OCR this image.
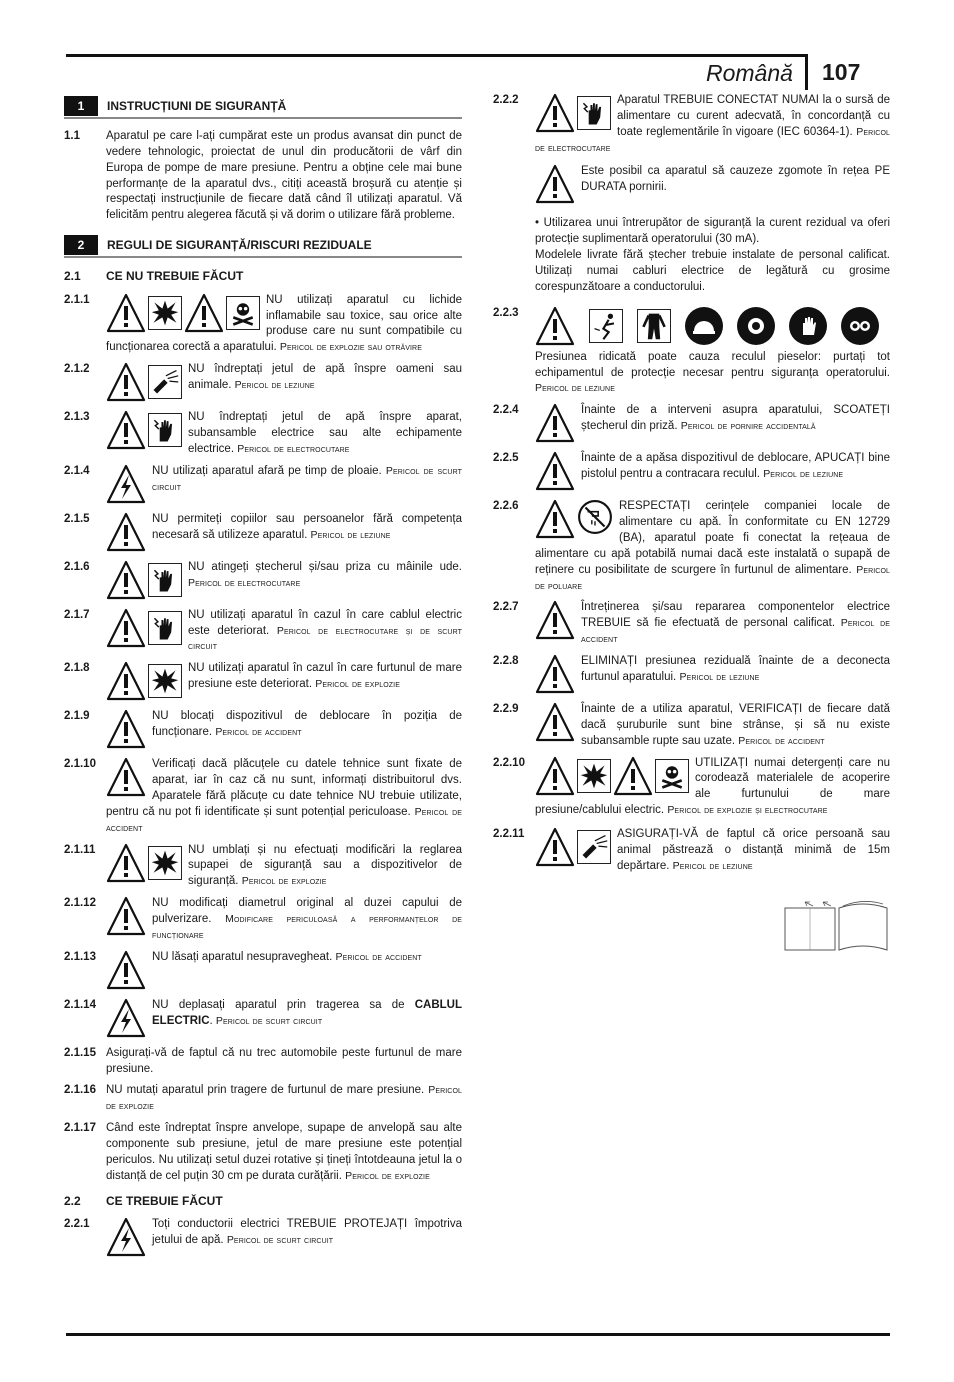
Română 107
1	INSTRUCȚIUNI DE SIGURANȚĂ
1.1	Aparatul pe care l-ați cumpărat este un produs avansat din punct de vedere tehnologic, proiectat de unul din producătorii de vârf din Europa de pompe de mare presiune. Pentru a obține cele mai bune performanțe de la aparatul dvs., citiți această broșură cu atenție și respectați instrucțiunile de fiecare dată când îl utilizați aparatul. Vă felicităm pentru alegerea făcută și vă dorim o utilizare fără probleme.
2	REGULI DE SIGURANȚĂ/RISCURI REZIDUALE
2.1	CE NU TREBUIE FĂCUT
2.1.1	NU utilizați aparatul cu lichide inflamabile sau toxice, sau orice alte produse care nu sunt compatibile cu funcționarea corectă a aparatului. Pericol de explozie sau otrăvire
2.1.2	NU îndreptați jetul de apă înspre oameni sau animale. Pericol de leziune
2.1.3	NU îndreptați jetul de apă înspre aparat, subansamble electrice sau alte echipamente electrice. Pericol de electrocutare
2.1.4	NU utilizați aparatul afară pe timp de ploaie. Pericol de scurt circuit
2.1.5	NU permiteți copiilor sau persoanelor fără competența necesară să utilizeze aparatul. Pericol de leziune
2.1.6	NU atingeți ștecherul și/sau priza cu mâinile ude. Pericol de electrocutare
2.1.7	NU utilizați aparatul în cazul în care cablul electric este deteriorat. Pericol de electrocutare și de scurt circuit
2.1.8	NU utilizați aparatul în cazul în care furtunul de mare presiune este deteriorat. Pericol de explozie
2.1.9	NU blocați dispozitivul de deblocare în poziția de funcționare. Pericol de accident
2.1.10	Verificați dacă plăcuțele cu datele tehnice sunt fixate de aparat, iar în caz că nu sunt, informați distribuitorul dvs. Aparatele fără plăcuțe cu date tehnice NU trebuie utilizate, pentru că nu pot fi identificate și sunt potențial periculoase. Pericol de accident
2.1.11	NU umblați și nu efectuați modificări la reglarea supapei de siguranță sau a dispozitivelor de siguranță. Pericol de explozie
2.1.12	NU modificați diametrul original al duzei capului de pulverizare. Modificare periculoasă a performanțelor de funcționare
2.1.13	NU lăsați aparatul nesupravegheat. Pericol de accident
2.1.14	NU deplasați aparatul prin tragerea sa de CABLUL ELECTRIC. Pericol de scurt circuit
2.1.15 Asigurați-vă de faptul că nu trec automobile peste furtunul de mare presiune.
2.1.16 NU mutați aparatul prin tragere de furtunul de mare presiune. Pericol de explozie
2.1.17 Când este îndreptat înspre anvelope, supape de anvelopă sau alte componente sub presiune, jetul de mare presiune este potențial periculos. Nu utilizați setul duzei rotative și țineți întotdeauna jetul la o distanță de cel puțin 30 cm pe durata curățării. Pericol de explozie
2.2	CE TREBUIE FĂCUT
2.2.1	Toți conductorii electrici TREBUIE PROTEJAȚI împotriva jetului de apă. Pericol de scurt circuit
2.2.2	Aparatul TREBUIE CONECTAT NUMAI la o sursă de alimentare cu curent adecvată, în concordanță cu toate reglementările în vigoare (IEC 60364-1). Pericol de electrocutare
Este posibil ca aparatul să cauzeze zgomote în rețea PE DURATA pornirii.
• Utilizarea unui întrerupător de siguranță la curent rezidual va oferi protecție suplimentară operatorului (30 mA).
Modelele livrate fără ștecher trebuie instalate de personal calificat. Utilizați numai cabluri electrice de legătură cu grosime corespunzătoare a conductorului.
2.2.3
Presiunea ridicată poate cauza reculul pieselor: purtați tot echipamentul de protecție necesar pentru siguranța operatorului. Pericol de leziune
2.2.4	Înainte de a interveni asupra aparatului, SCOATEȚI ștecherul din priză. Pericol de pornire accidentală
2.2.5	Înainte de a apăsa dispozitivul de deblocare, APUCAȚI bine pistolul pentru a contracara reculul. Pericol de leziune
2.2.6	RESPECTAȚI cerințele companiei locale de alimentare cu apă. În conformitate cu EN 12729 (BA), aparatul poate fi conectat la rețeaua de alimentare cu apă potabilă numai dacă este instalată o supapă de reținere cu posibilitate de scurgere în furtunul de alimentare. Pericol de poluare
2.2.7	Întreținerea și/sau repararea componentelor electrice TREBUIE să fie efectuată de personal calificat. Pericol de accident
2.2.8	ELIMINAȚI presiunea reziduală înainte de a deconecta furtunul aparatului. Pericol de leziune
2.2.9	Înainte de a utiliza aparatul, VERIFICAȚI de fiecare dată dacă șuruburile sunt bine strânse, și să nu existe subansamble rupte sau uzate. Pericol de accident
2.2.10	UTILIZAȚI numai detergenți care nu corodează materialele de acoperire ale furtunului de mare presiune/cablului electric. Pericol de explozie și electrocutare
2.2.11	ASIGURAȚI-VĂ de faptul că orice persoană sau animal păstrează o distanță minimă de 15m depărtare. Pericol de leziune
